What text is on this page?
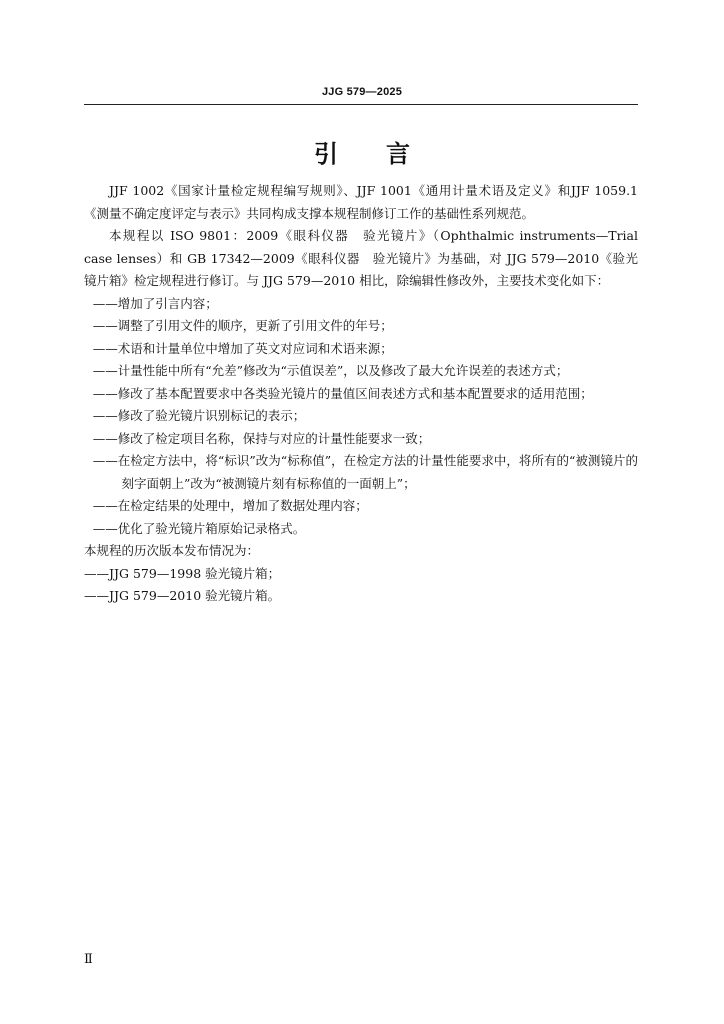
JJG 579—2025
引言

JJF 1002《国家计量检定规程编写规则》、JJF 1001《通用计量术语及定义》和JJF 1059.1《测量不确定度评定与表示》共同构成支撑本规程制修订工作的基础性系列规范。

本规程以 ISO 9801：2009《眼科仪器　验光镜片》（Ophthalmic instruments—Trial case lenses）和 GB 17342—2009《眼科仪器　验光镜片》为基础，对 JJG 579—2010《验光镜片箱》检定规程进行修订。与 JJG 579—2010 相比，除编辑性修改外，主要技术变化如下：

——增加了引言内容；

——调整了引用文件的顺序，更新了引用文件的年号；

——术语和计量单位中增加了英文对应词和术语来源；

——计量性能中所有“允差”修改为“示值误差”，以及修改了最大允许误差的表述方式；

——修改了基本配置要求中各类验光镜片的量值区间表述方式和基本配置要求的适用范围；

——修改了验光镜片识别标记的表示；

——修改了检定项目名称，保持与对应的计量性能要求一致；

——在检定方法中，将“标识”改为“标称值”，在检定方法的计量性能要求中，将所有的“被测镜片的刻字面朝上”改为“被测镜片刻有标称值的一面朝上”；

——在检定结果的处理中，增加了数据处理内容；

——优化了验光镜片箱原始记录格式。

本规程的历次版本发布情况为：

——JJG 579—1998 验光镜片箱；

——JJG 579—2010 验光镜片箱。

Ⅱ
